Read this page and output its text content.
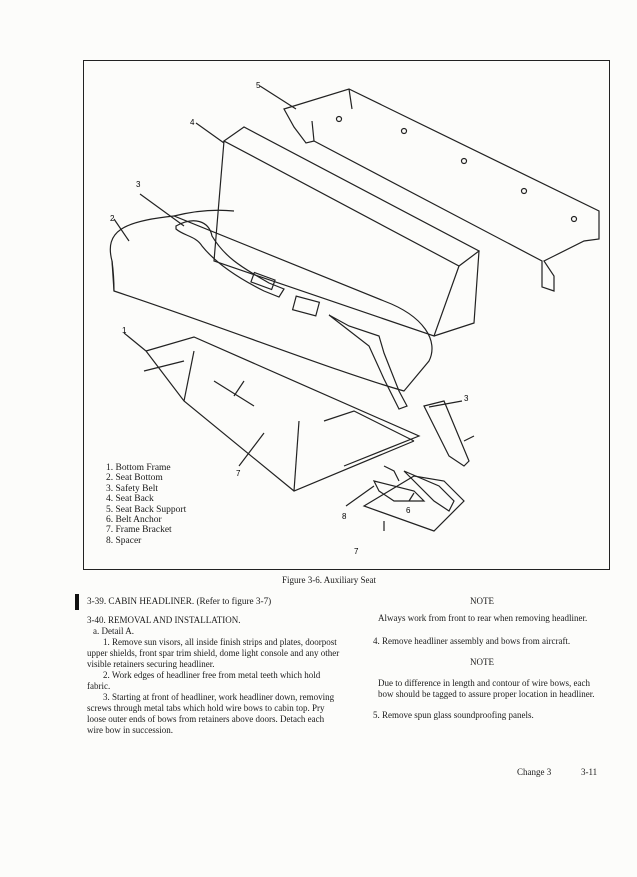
5
4
3
2
1
3
7
8
7
6
1. Bottom Frame
2. Seat Bottom
3. Safety Belt
4. Seat Back
5. Seat Back Support
6. Belt Anchor
7. Frame Bracket
8. Spacer
Figure 3-6. Auxiliary Seat

3-39. CABIN HEADLINER. (Refer to figure 3-7)

3-40. REMOVAL AND INSTALLATION.

a. Detail A.

1. Remove sun visors, all inside finish strips and plates, doorpost upper shields, front spar trim shield, dome light console and any other visible retainers securing headliner.

2. Work edges of headliner free from metal teeth which hold fabric.

3. Starting at front of headliner, work headliner down, removing screws through metal tabs which hold wire bows to cabin top. Pry loose outer ends of bows from retainers above doors. Detach each wire bow in succession.

NOTE

Always work from front to rear when removing headliner.

4. Remove headliner assembly and bows from aircraft.

NOTE

Due to difference in length and contour of wire bows, each bow should be tagged to assure proper location in headliner.

5. Remove spun glass soundproofing panels.

Change 3	3-11
